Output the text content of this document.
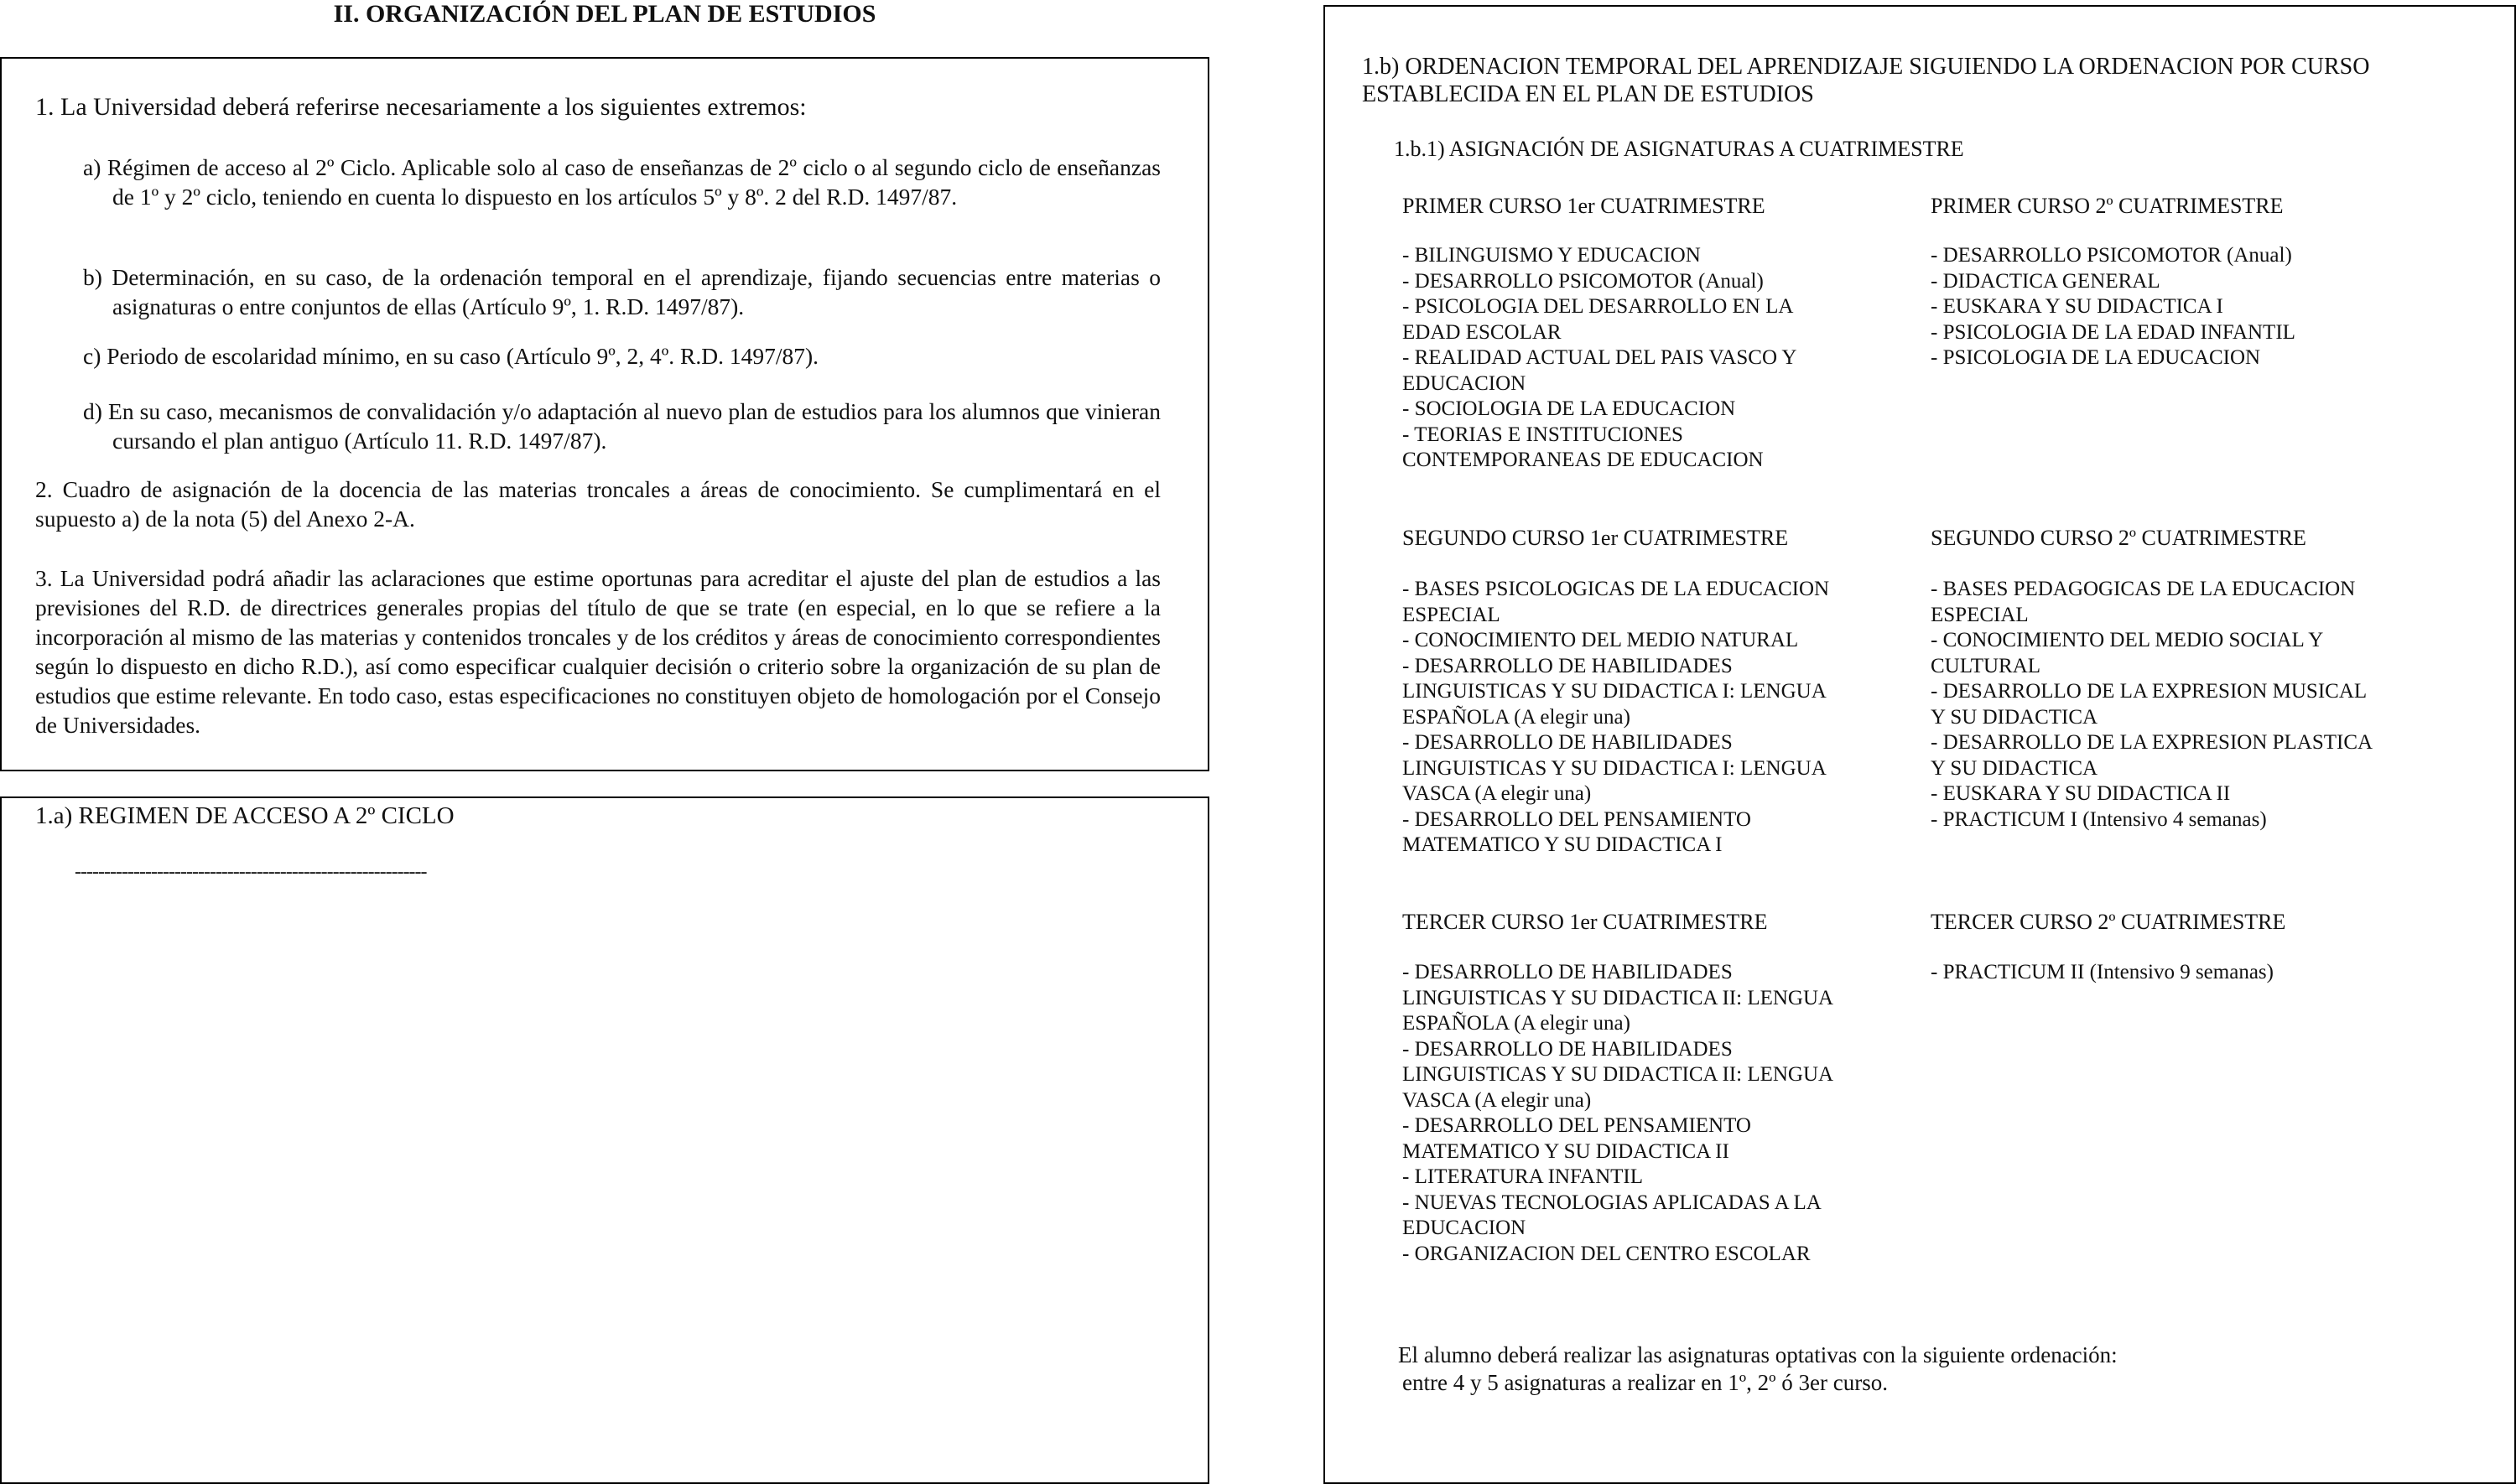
II. ORGANIZACIÓN DEL PLAN DE ESTUDIOS
1. La Universidad deberá referirse necesariamente a los siguientes extremos:
a) Régimen de acceso al 2º Ciclo. Aplicable solo al caso de enseñanzas de 2º ciclo o al segundo ciclo de enseñanzas de 1º y 2º ciclo, teniendo en cuenta lo dispuesto en los artículos 5º y 8º. 2 del R.D. 1497/87.
b) Determinación, en su caso, de la ordenación temporal en el aprendizaje, fijando secuencias entre materias o asignaturas o entre conjuntos de ellas (Artículo 9º, 1. R.D. 1497/87).
c) Periodo de escolaridad mínimo, en su caso (Artículo 9º, 2, 4º. R.D. 1497/87).
d) En su caso, mecanismos de convalidación y/o adaptación al nuevo plan de estudios para los alumnos que vinieran cursando el plan antiguo (Artículo 11. R.D. 1497/87).
2. Cuadro de asignación de la docencia de las materias troncales a áreas de conocimiento. Se cumplimentará en el supuesto a) de la nota (5) del Anexo 2-A.
3. La Universidad podrá añadir las aclaraciones que estime oportunas para acreditar el ajuste del plan de estudios a las previsiones del R.D. de directrices generales propias del título de que se trate (en especial, en lo que se refiere a la incorporación al mismo de las materias y contenidos troncales y de los créditos y áreas de conocimiento correspondientes según lo dispuesto en dicho R.D.), así como especificar cualquier decisión o criterio sobre la organización de su plan de estudios que estime relevante. En todo caso, estas especificaciones no constituyen objeto de homologación por el Consejo de Universidades.
1.a) REGIMEN DE ACCESO A 2º CICLO
------------------------------------------------------------
1.b) ORDENACION TEMPORAL DEL APRENDIZAJE SIGUIENDO LA ORDENACION POR CURSO
ESTABLECIDA EN EL PLAN DE ESTUDIOS
1.b.1) ASIGNACIÓN DE ASIGNATURAS A CUATRIMESTRE
PRIMER CURSO 1er CUATRIMESTRE
- BILINGUISMO Y EDUCACION
- DESARROLLO PSICOMOTOR (Anual)
- PSICOLOGIA DEL DESARROLLO EN LA
EDAD ESCOLAR
- REALIDAD ACTUAL DEL PAIS VASCO Y
EDUCACION
- SOCIOLOGIA DE LA EDUCACION
- TEORIAS E INSTITUCIONES
CONTEMPORANEAS DE EDUCACION
PRIMER CURSO 2º CUATRIMESTRE
- DESARROLLO PSICOMOTOR (Anual)
- DIDACTICA GENERAL
- EUSKARA Y SU DIDACTICA I
- PSICOLOGIA DE LA EDAD INFANTIL
- PSICOLOGIA DE LA EDUCACION
SEGUNDO CURSO 1er CUATRIMESTRE
- BASES PSICOLOGICAS DE LA EDUCACION
ESPECIAL
- CONOCIMIENTO DEL MEDIO NATURAL
- DESARROLLO DE HABILIDADES
LINGUISTICAS Y SU DIDACTICA I: LENGUA
ESPAÑOLA (A elegir una)
- DESARROLLO DE HABILIDADES
LINGUISTICAS Y SU DIDACTICA I: LENGUA
VASCA (A elegir una)
- DESARROLLO DEL PENSAMIENTO
MATEMATICO Y SU DIDACTICA I
SEGUNDO CURSO 2º CUATRIMESTRE
- BASES PEDAGOGICAS DE LA EDUCACION
ESPECIAL
- CONOCIMIENTO DEL MEDIO SOCIAL Y
CULTURAL
- DESARROLLO DE LA EXPRESION MUSICAL
Y SU DIDACTICA
- DESARROLLO DE LA EXPRESION PLASTICA
Y SU DIDACTICA
- EUSKARA Y SU DIDACTICA II
- PRACTICUM I (Intensivo 4 semanas)
TERCER CURSO 1er CUATRIMESTRE
- DESARROLLO DE HABILIDADES
LINGUISTICAS Y SU DIDACTICA II: LENGUA
ESPAÑOLA (A elegir una)
- DESARROLLO DE HABILIDADES
LINGUISTICAS Y SU DIDACTICA II: LENGUA
VASCA (A elegir una)
- DESARROLLO DEL PENSAMIENTO
MATEMATICO Y SU DIDACTICA II
- LITERATURA INFANTIL
- NUEVAS TECNOLOGIAS APLICADAS A LA
EDUCACION
- ORGANIZACION DEL CENTRO ESCOLAR
TERCER CURSO 2º CUATRIMESTRE
- PRACTICUM II (Intensivo 9 semanas)
El alumno deberá realizar las asignaturas optativas con la siguiente ordenación:
entre 4 y 5 asignaturas a realizar en 1º, 2º ó 3er curso.
